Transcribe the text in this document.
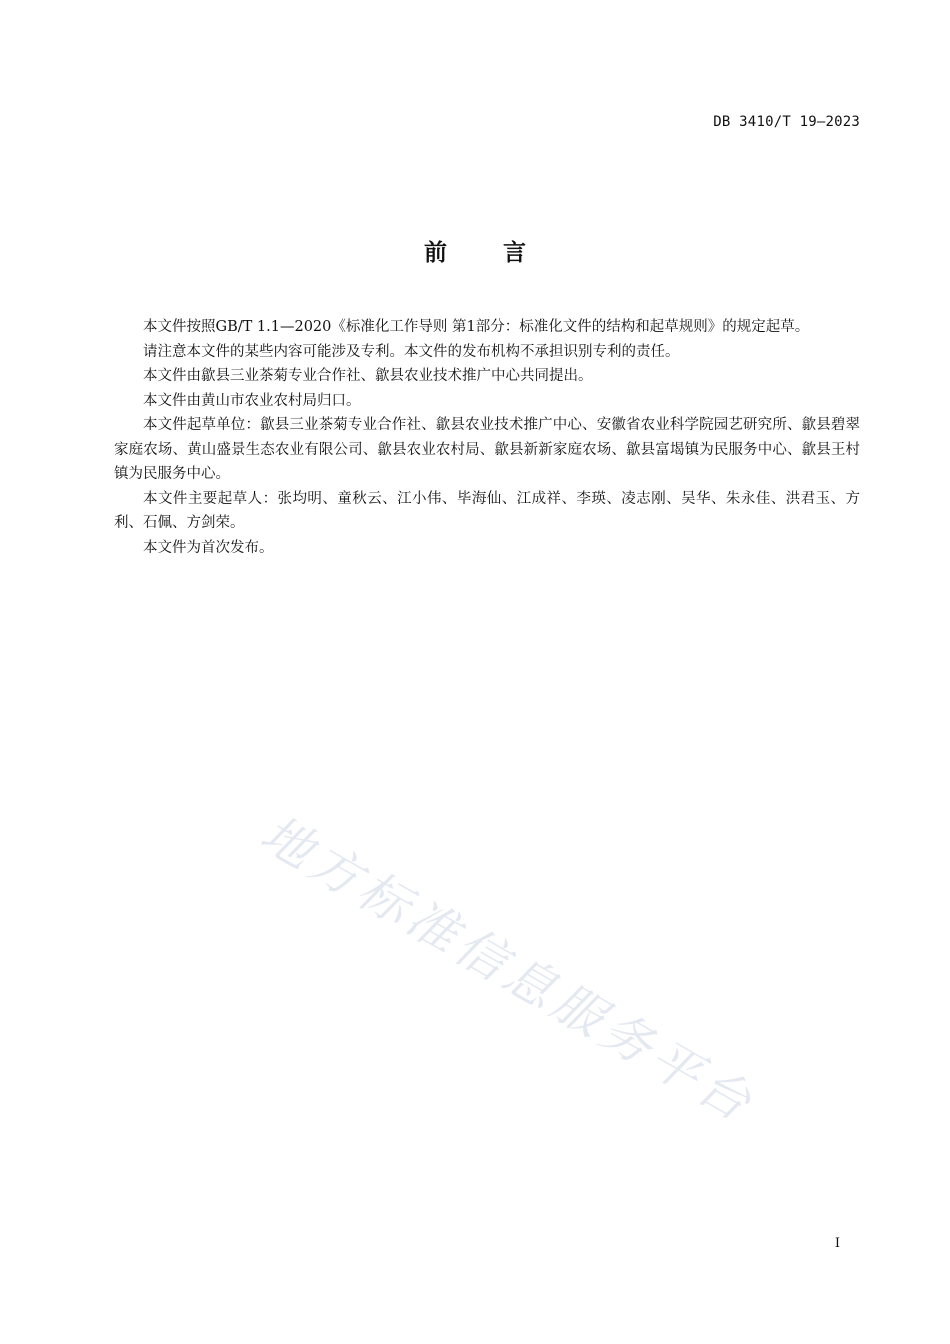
DB 3410/T 19—2023
前言

本文件按照GB/T 1.1—2020《标准化工作导则 第1部分：标准化文件的结构和起草规则》的规定起草。

请注意本文件的某些内容可能涉及专利。本文件的发布机构不承担识别专利的责任。

本文件由歙县三业茶菊专业合作社、歙县农业技术推广中心共同提出。

本文件由黄山市农业农村局归口。

本文件起草单位：歙县三业茶菊专业合作社、歙县农业技术推广中心、安徽省农业科学院园艺研究所、歙县碧翠家庭农场、黄山盛景生态农业有限公司、歙县农业农村局、歙县新新家庭农场、歙县富堨镇为民服务中心、歙县王村镇为民服务中心。

本文件主要起草人：张均明、童秋云、江小伟、毕海仙、江成祥、李瑛、凌志刚、吴华、朱永佳、洪君玉、方利、石佩、方剑荣。

本文件为首次发布。

地方标准信息服务平台
I
